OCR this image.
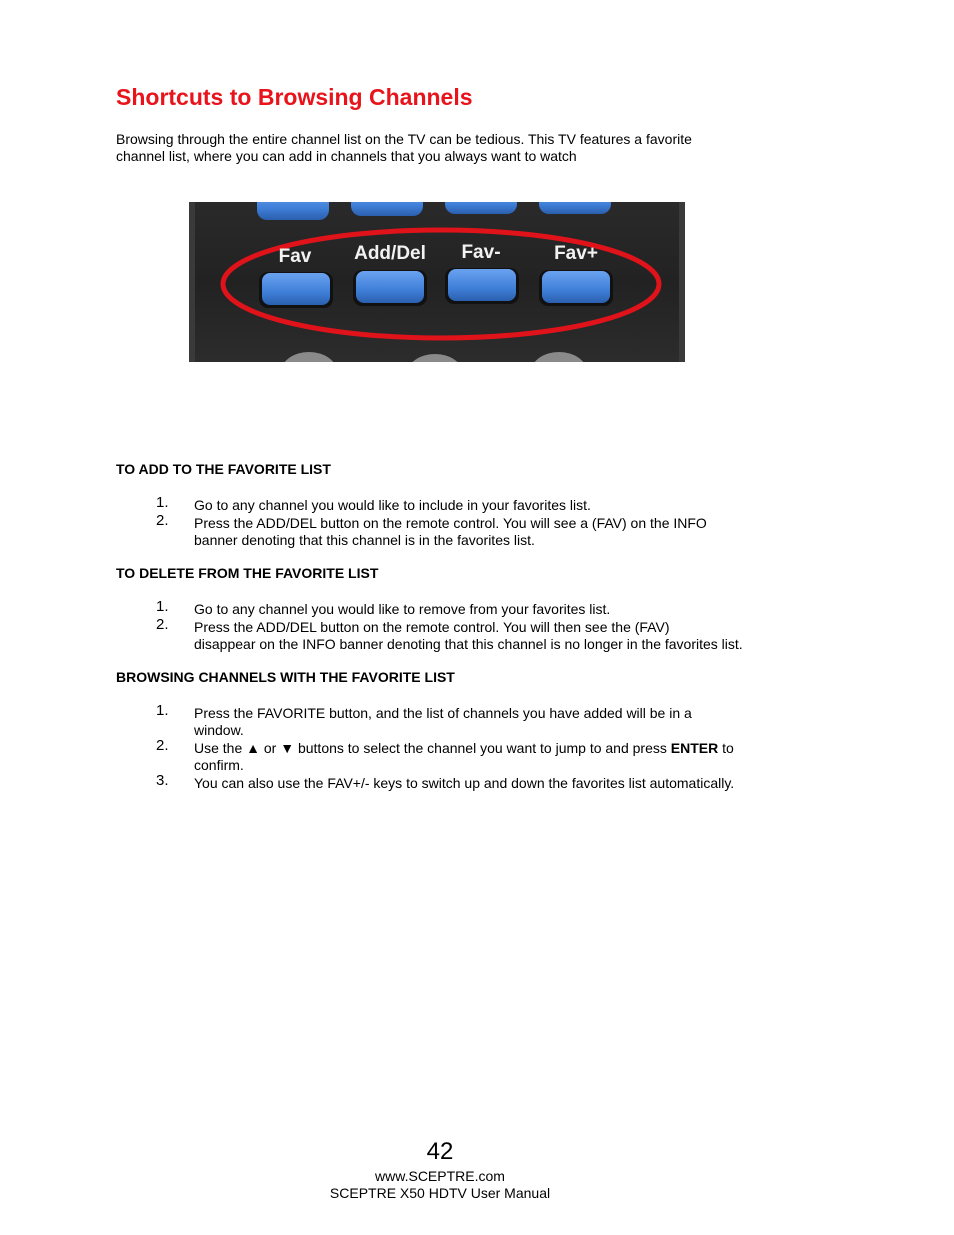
Shortcuts to Browsing Channels

Browsing through the entire channel list on the TV can be tedious. This TV features a favorite
channel list, where you can add in channels that you always want to watch

Fav Add/Del Fav-	Fav+

TO ADD TO THE FAVORITE LIST

1. Go to any channel you would like to include in your favorites list.
2. Press the ADD/DEL button on the remote control. You will see a (FAV) on the INFO
banner denoting that this channel is in the favorites list.

TO DELETE FROM THE FAVORITE LIST

1. Go to any channel you would like to remove from your favorites list.
2. Press the ADD/DEL button on the remote control. You will then see the (FAV)
disappear on the INFO banner denoting that this channel is no longer in the favorites list.

BROWSING CHANNELS WITH THE FAVORITE LIST

1. Press the FAVORITE button, and the list of channels you have added will be in a
window.
2. Use the ▲ or ▼ buttons to select the channel you want to jump to and press ENTER to
confirm.
3. You can also use the FAV+/- keys to switch up and down the favorites list automatically.
42
www.SCEPTRE.com
SCEPTRE X50 HDTV User Manual
